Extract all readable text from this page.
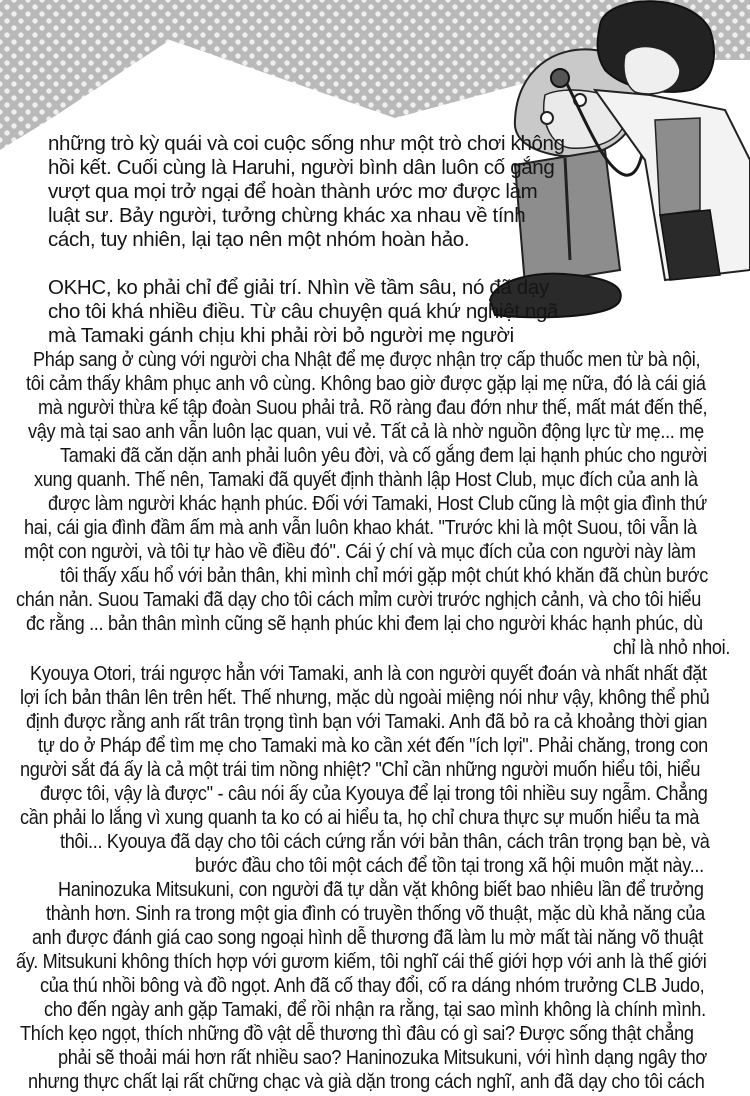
những trò kỳ quái và coi cuộc sống như một trò chơi không
hồi kết. Cuối cùng là Haruhi, người bình dân luôn cố gắng
vượt qua mọi trở ngại để hoàn thành ước mơ được làm
luật sư. Bảy người, tưởng chừng khác xa nhau về tính
cách, tuy nhiên, lại tạo nên một nhóm hoàn hảo.
OKHC, ko phải chỉ để giải trí. Nhìn về tầm sâu, nó đã dạy
cho tôi khá nhiều điều. Từ câu chuyện quá khứ nghiệt ngã
mà Tamaki gánh chịu khi phải rời bỏ người mẹ người
Pháp sang ở cùng với người cha Nhật để mẹ được nhận trợ cấp thuốc men từ bà nội,
tôi cảm thấy khâm phục anh vô cùng. Không bao giờ được gặp lại mẹ nữa, đó là cái giá
mà người thừa kế tập đoàn Suou phải trả. Rõ ràng đau đớn như thế, mất mát đến thế,
vậy mà tại sao anh vẫn luôn lạc quan, vui vẻ. Tất cả là nhờ nguồn động lực từ mẹ... mẹ
Tamaki đã căn dặn anh phải luôn yêu đời, và cố gắng đem lại hạnh phúc cho người
xung quanh. Thế nên, Tamaki đã quyết định thành lập Host Club, mục đích của anh là
được làm người khác hạnh phúc. Đối với Tamaki, Host Club cũng là một gia đình thứ
hai, cái gia đình đầm ấm mà anh vẫn luôn khao khát. "Trước khi là một Suou, tôi vẫn là
một con người, và tôi tự hào về điều đó". Cái ý chí và mục đích của con người này làm
tôi thấy xấu hổ với bản thân, khi mình chỉ mới gặp một chút khó khăn đã chùn bước
chán nản. Suou Tamaki đã dạy cho tôi cách mỉm cười trước nghịch cảnh, và cho tôi hiểu
đc rằng ... bản thân mình cũng sẽ hạnh phúc khi đem lại cho người khác hạnh phúc, dù
chỉ là nhỏ nhoi.
Kyouya Otori, trái ngược hẳn với Tamaki, anh là con người quyết đoán và nhất nhất đặt
lợi ích bản thân lên trên hết. Thế nhưng, mặc dù ngoài miệng nói như vậy, không thể phủ
định được rằng anh rất trân trọng tình bạn với Tamaki. Anh đã bỏ ra cả khoảng thời gian
tự do ở Pháp để tìm mẹ cho Tamaki mà ko cần xét đến "ích lợi". Phải chăng, trong con
người sắt đá ấy là cả một trái tim nồng nhiệt? "Chỉ cần những người muốn hiểu tôi, hiểu
được tôi, vậy là được" - câu nói ấy của Kyouya để lại trong tôi nhiều suy ngẫm. Chẳng
cần phải lo lắng vì xung quanh ta ko có ai hiểu ta, họ chỉ chưa thực sự muốn hiểu ta mà
thôi... Kyouya đã dạy cho tôi cách cứng rắn với bản thân, cách trân trọng bạn bè, và
bước đầu cho tôi một cách để tồn tại trong xã hội muôn mặt này...
Haninozuka Mitsukuni, con người đã tự dằn vặt không biết bao nhiêu lần để trưởng
thành hơn. Sinh ra trong một gia đình có truyền thống võ thuật, mặc dù khả năng của
anh được đánh giá cao song ngoại hình dễ thương đã làm lu mờ mất tài năng võ thuật
ấy. Mitsukuni không thích hợp với gươm kiếm, tôi nghĩ cái thế giới hợp với anh là thế giới
của thú nhồi bông và đồ ngọt. Anh đã cố thay đổi, cố ra dáng nhóm trưởng CLB Judo,
cho đến ngày anh gặp Tamaki, để rồi nhận ra rằng, tại sao mình không là chính mình.
Thích kẹo ngọt, thích những đồ vật dễ thương thì đâu có gì sai? Được sống thật chẳng
phải sẽ thoải mái hơn rất nhiều sao? Haninozuka Mitsukuni, với hình dạng ngây thơ
nhưng thực chất lại rất chững chạc và già dặn trong cách nghĩ, anh đã dạy cho tôi cách
